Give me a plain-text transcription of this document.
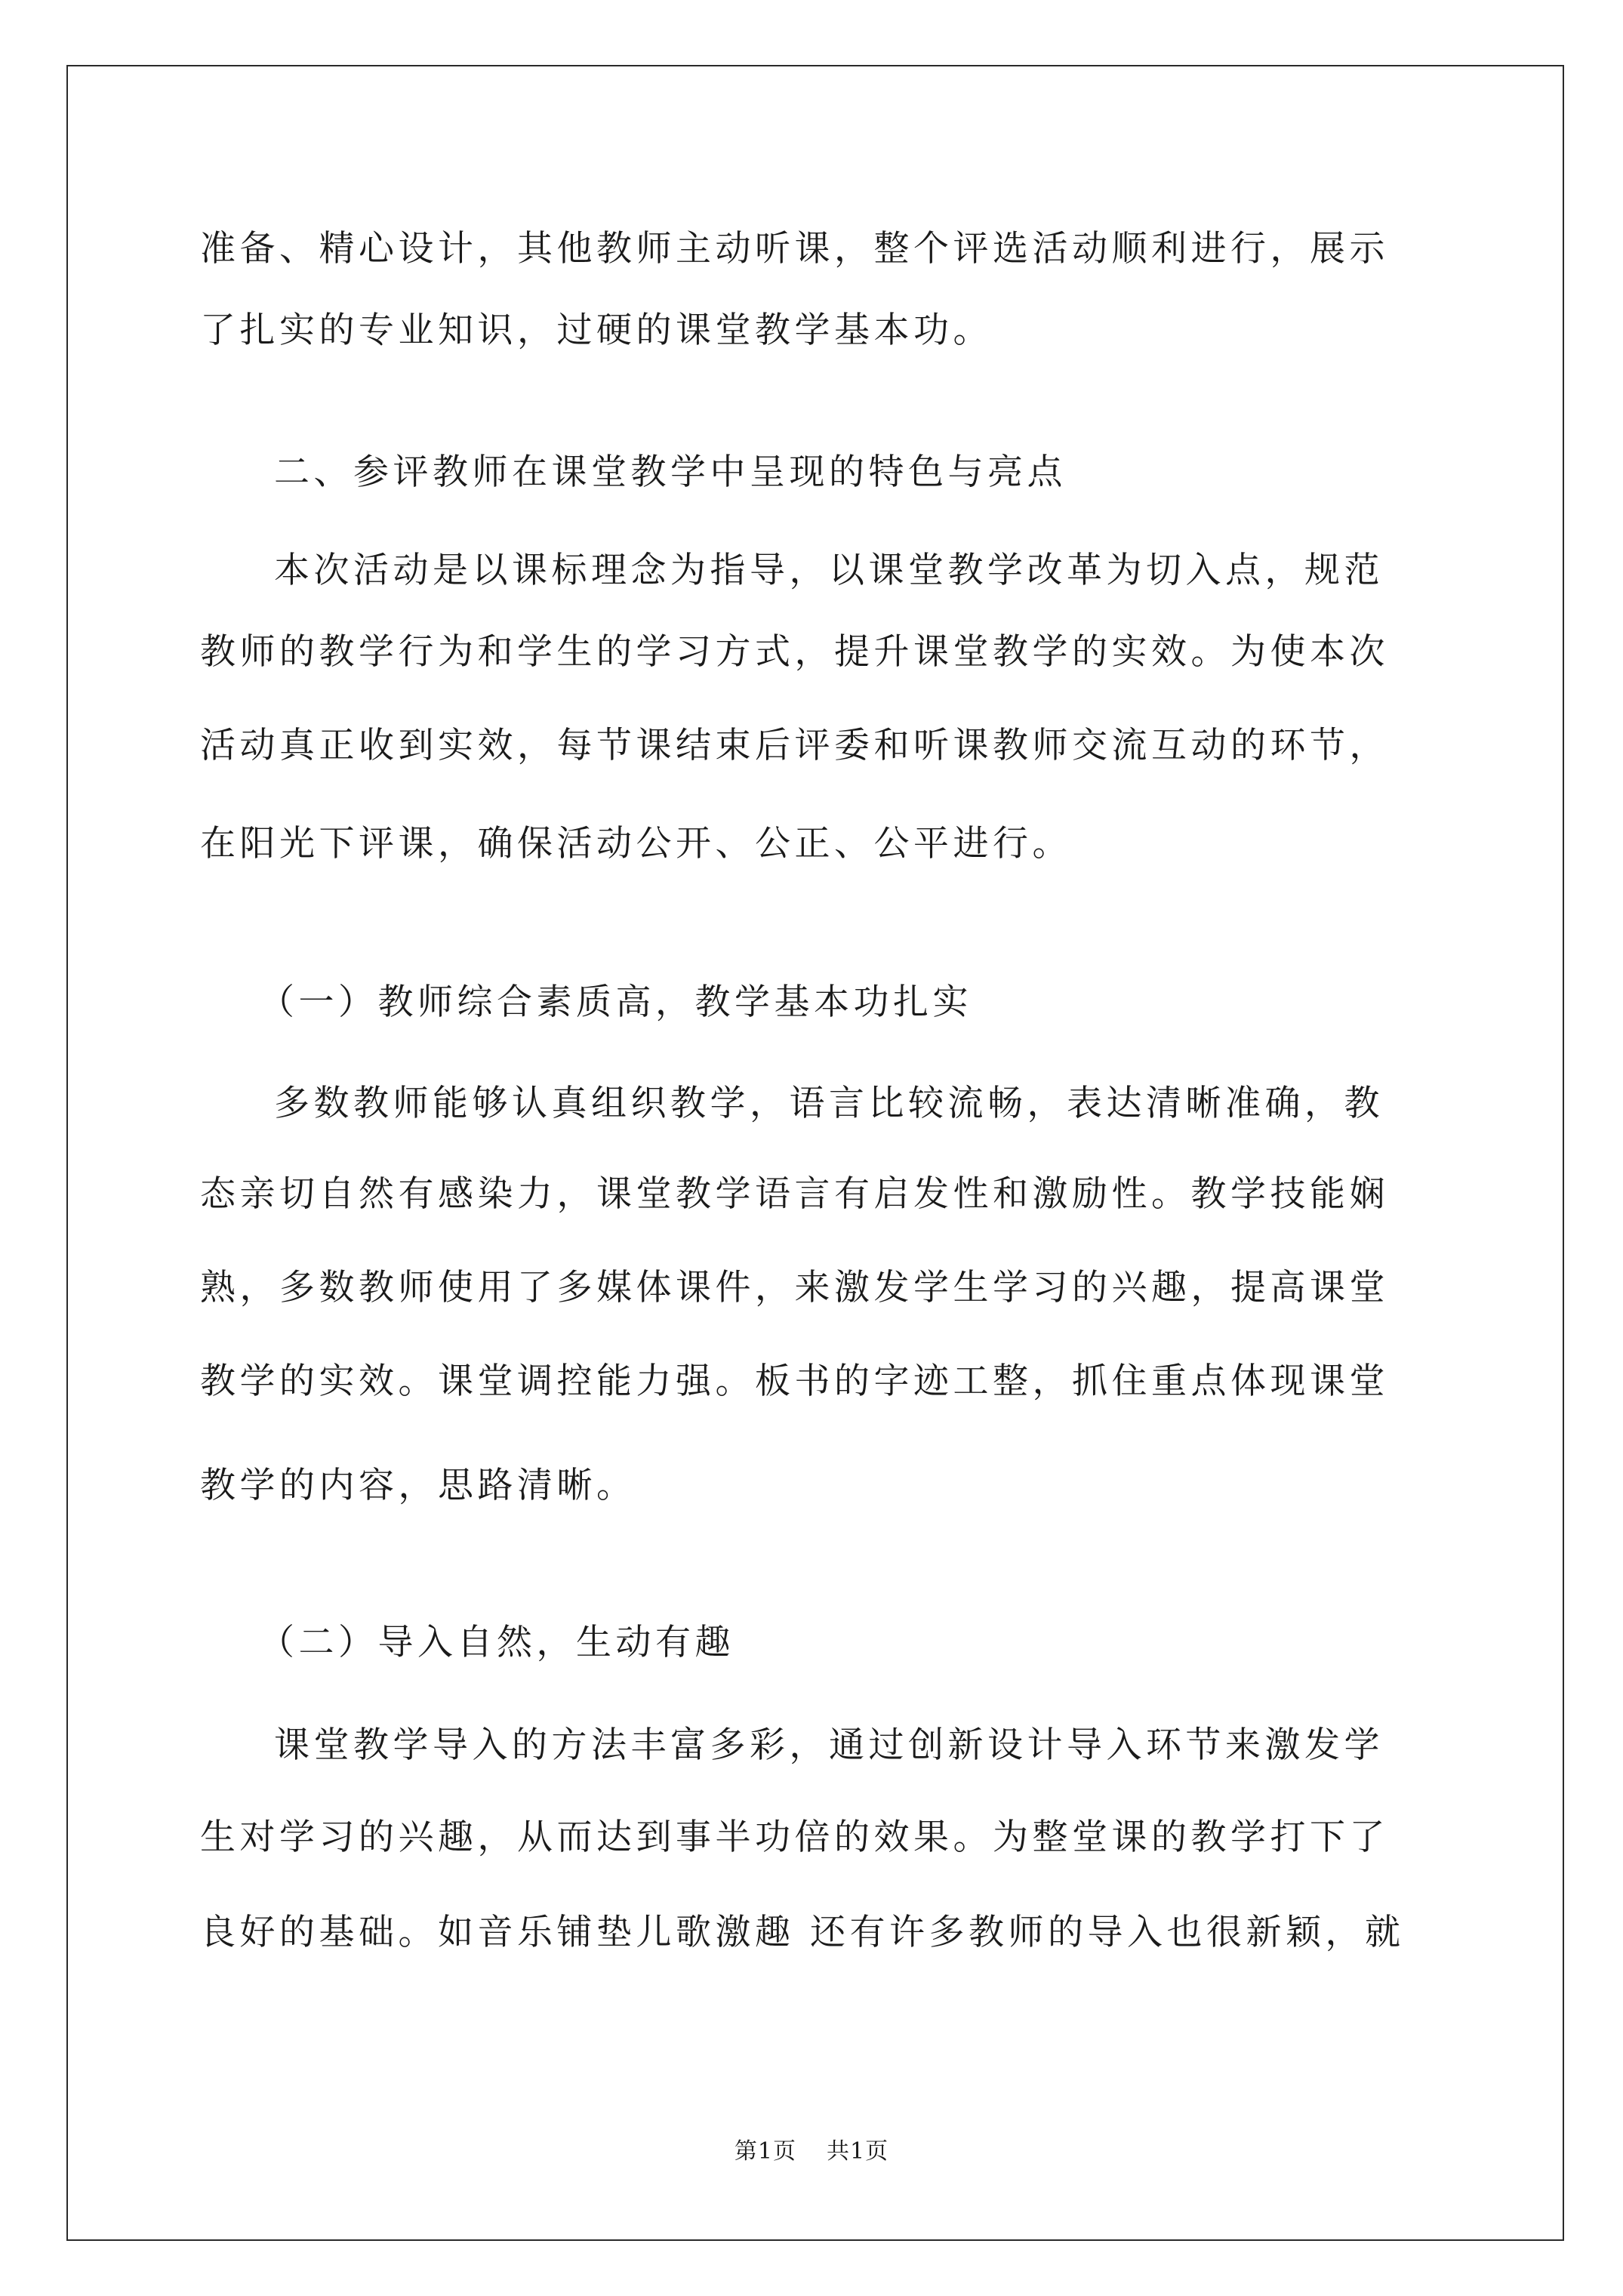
准备、精心设计，其他教师主动听课，整个评选活动顺利进行，展示
了扎实的专业知识，过硬的课堂教学基本功。
二、参评教师在课堂教学中呈现的特色与亮点
本次活动是以课标理念为指导，以课堂教学改革为切入点，规范
教师的教学行为和学生的学习方式，提升课堂教学的实效。为使本次
活动真正收到实效，每节课结束后评委和听课教师交流互动的环节，
在阳光下评课，确保活动公开、公正、公平进行。
（一）教师综合素质高，教学基本功扎实
多数教师能够认真组织教学，语言比较流畅，表达清晰准确，教
态亲切自然有感染力，课堂教学语言有启发性和激励性。教学技能娴
熟，多数教师使用了多媒体课件，来激发学生学习的兴趣，提高课堂
教学的实效。课堂调控能力强。板书的字迹工整，抓住重点体现课堂
教学的内容，思路清晰。
（二）导入自然，生动有趣
课堂教学导入的方法丰富多彩，通过创新设计导入环节来激发学
生对学习的兴趣，从而达到事半功倍的效果。为整堂课的教学打下了
良好的基础。如音乐铺垫儿歌激趣 还有许多教师的导入也很新颖，就
第1页 共1页
